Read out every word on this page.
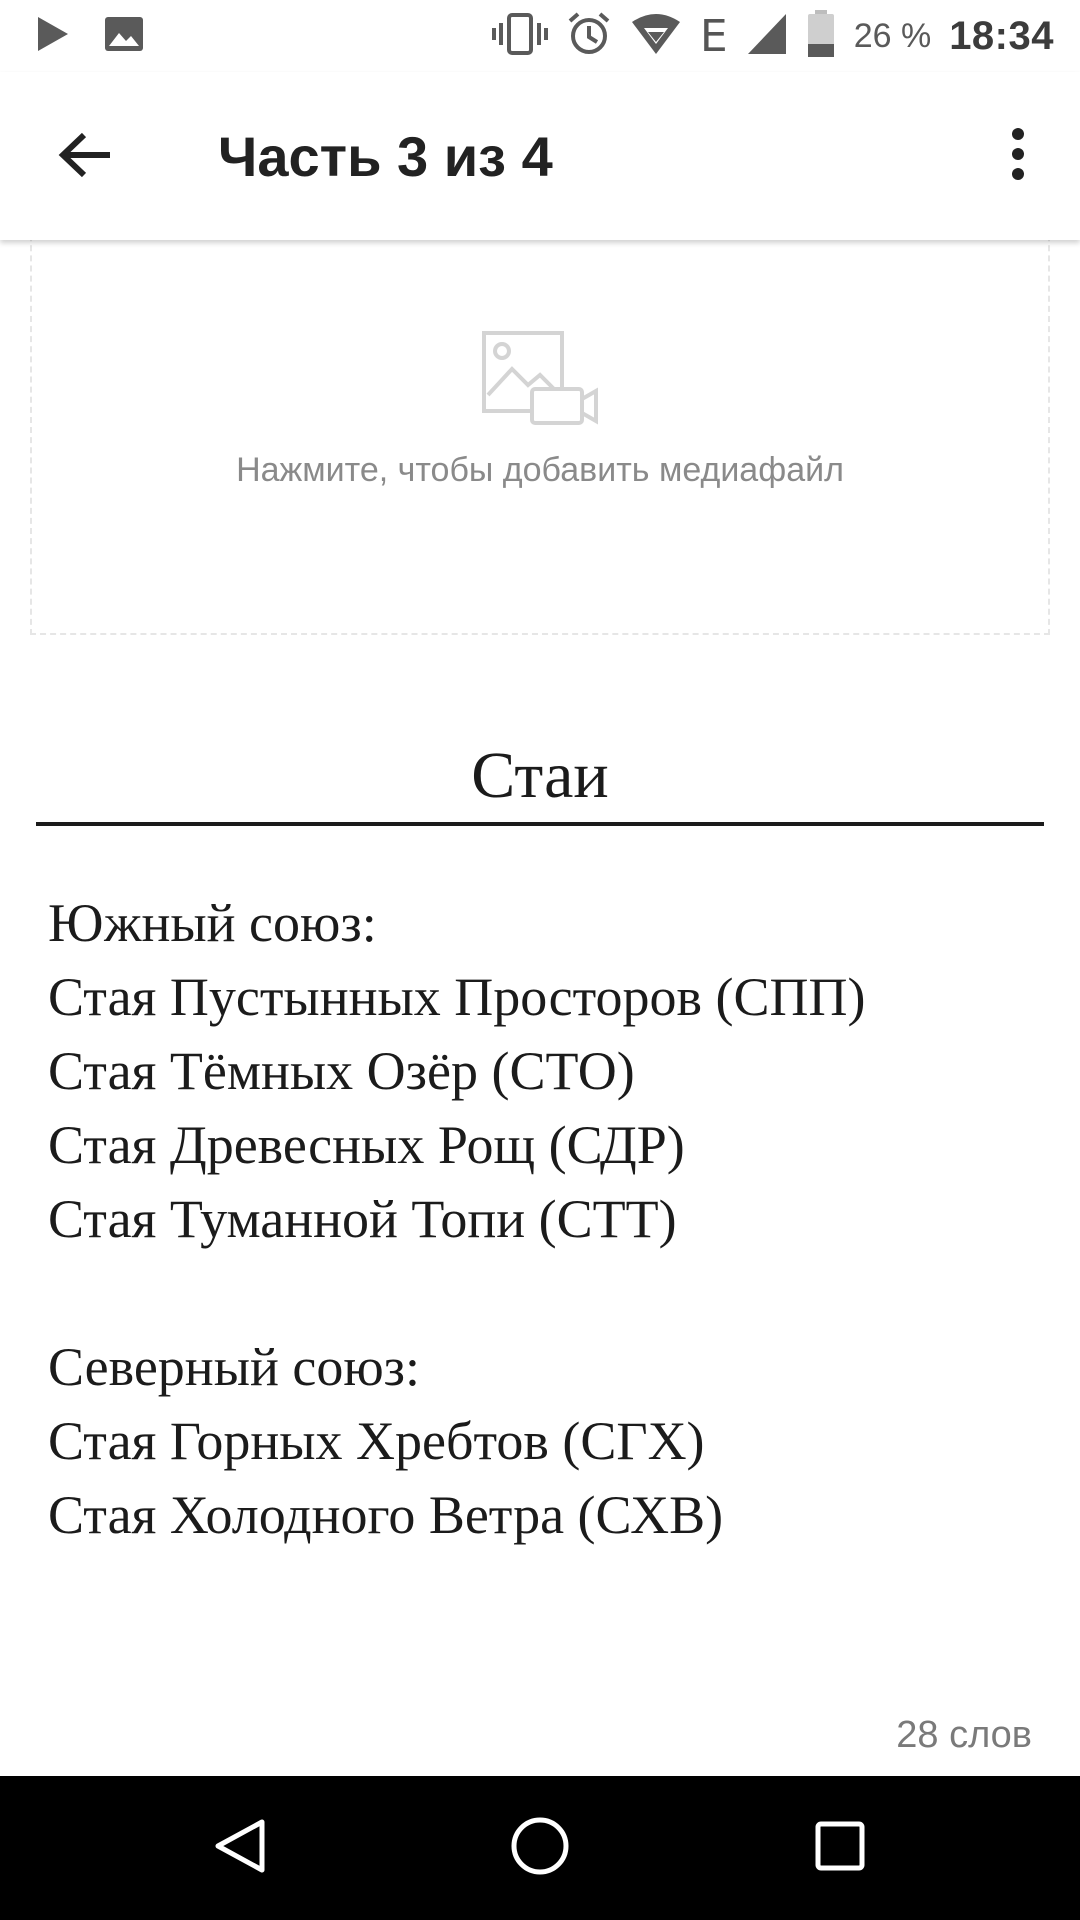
E	26 % 18:34
Часть 3 из 4
Нажмите, чтобы добавить медиафайл
Стаи
Южный союз:
Стая Пустынных Просторов (СПП)
Стая Тёмных Озёр (СТО)
Стая Древесных Рощ (СДР)
Стая Туманной Топи (СТТ)
Северный союз:
Стая Горных Хребтов (СГХ)
Стая Холодного Ветра (СХВ)
28 слов
